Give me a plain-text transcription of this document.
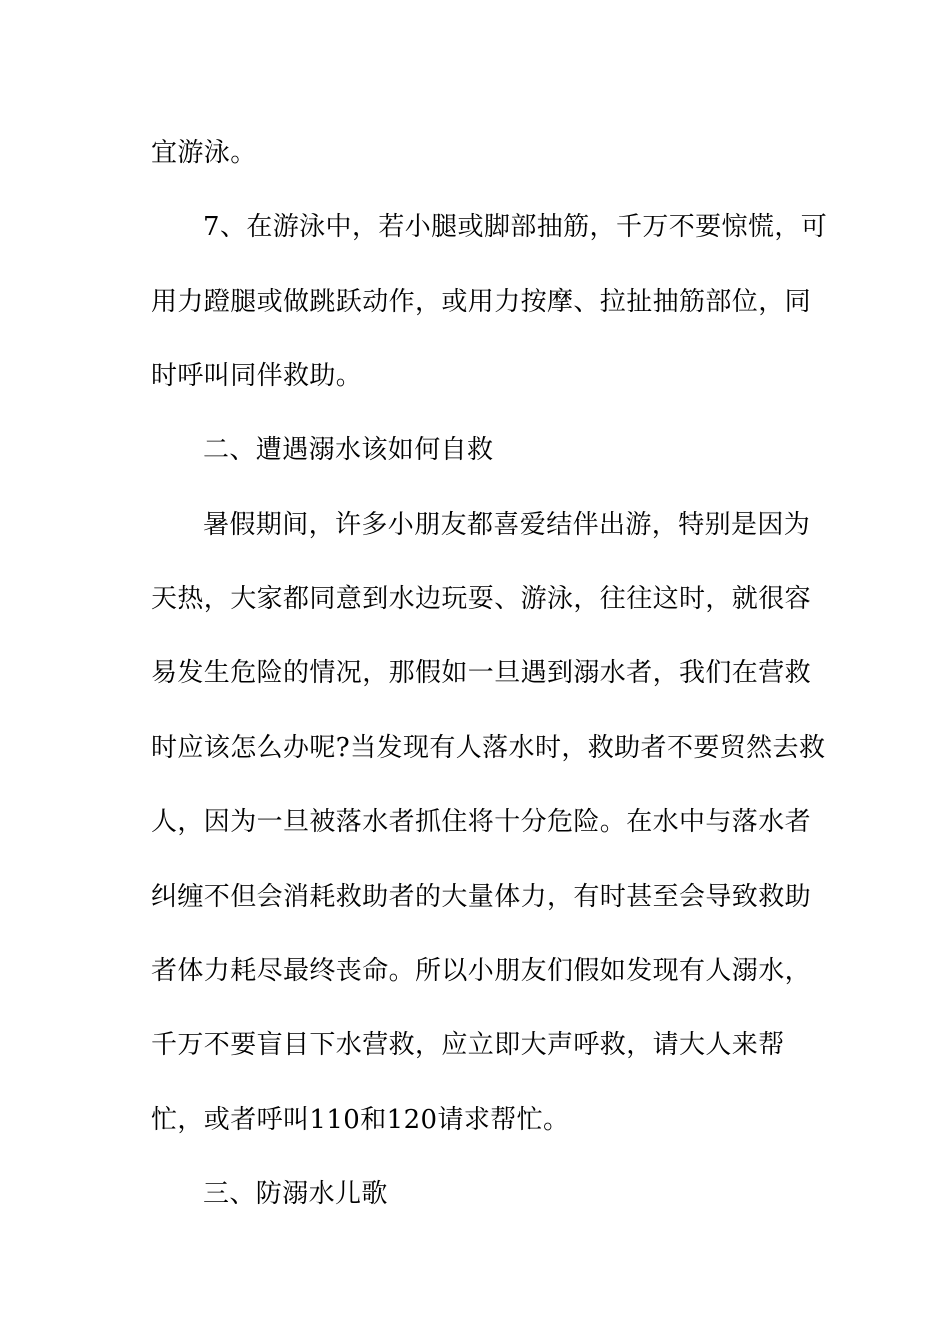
宜游泳。
7、在游泳中，若小腿或脚部抽筋，千万不要惊慌，可
用力蹬腿或做跳跃动作，或用力按摩、拉扯抽筋部位，同
时呼叫同伴救助。
二、遭遇溺水该如何自救
暑假期间，许多小朋友都喜爱结伴出游，特别是因为
天热，大家都同意到水边玩耍、游泳，往往这时，就很容
易发生危险的情况，那假如一旦遇到溺水者，我们在营救
时应该怎么办呢?当发现有人落水时，救助者不要贸然去救
人，因为一旦被落水者抓住将十分危险。在水中与落水者
纠缠不但会消耗救助者的大量体力，有时甚至会导致救助
者体力耗尽最终丧命。所以小朋友们假如发现有人溺水，
千万不要盲目下水营救，应立即大声呼救，请大人来帮
忙，或者呼叫110和120请求帮忙。
三、防溺水儿歌
